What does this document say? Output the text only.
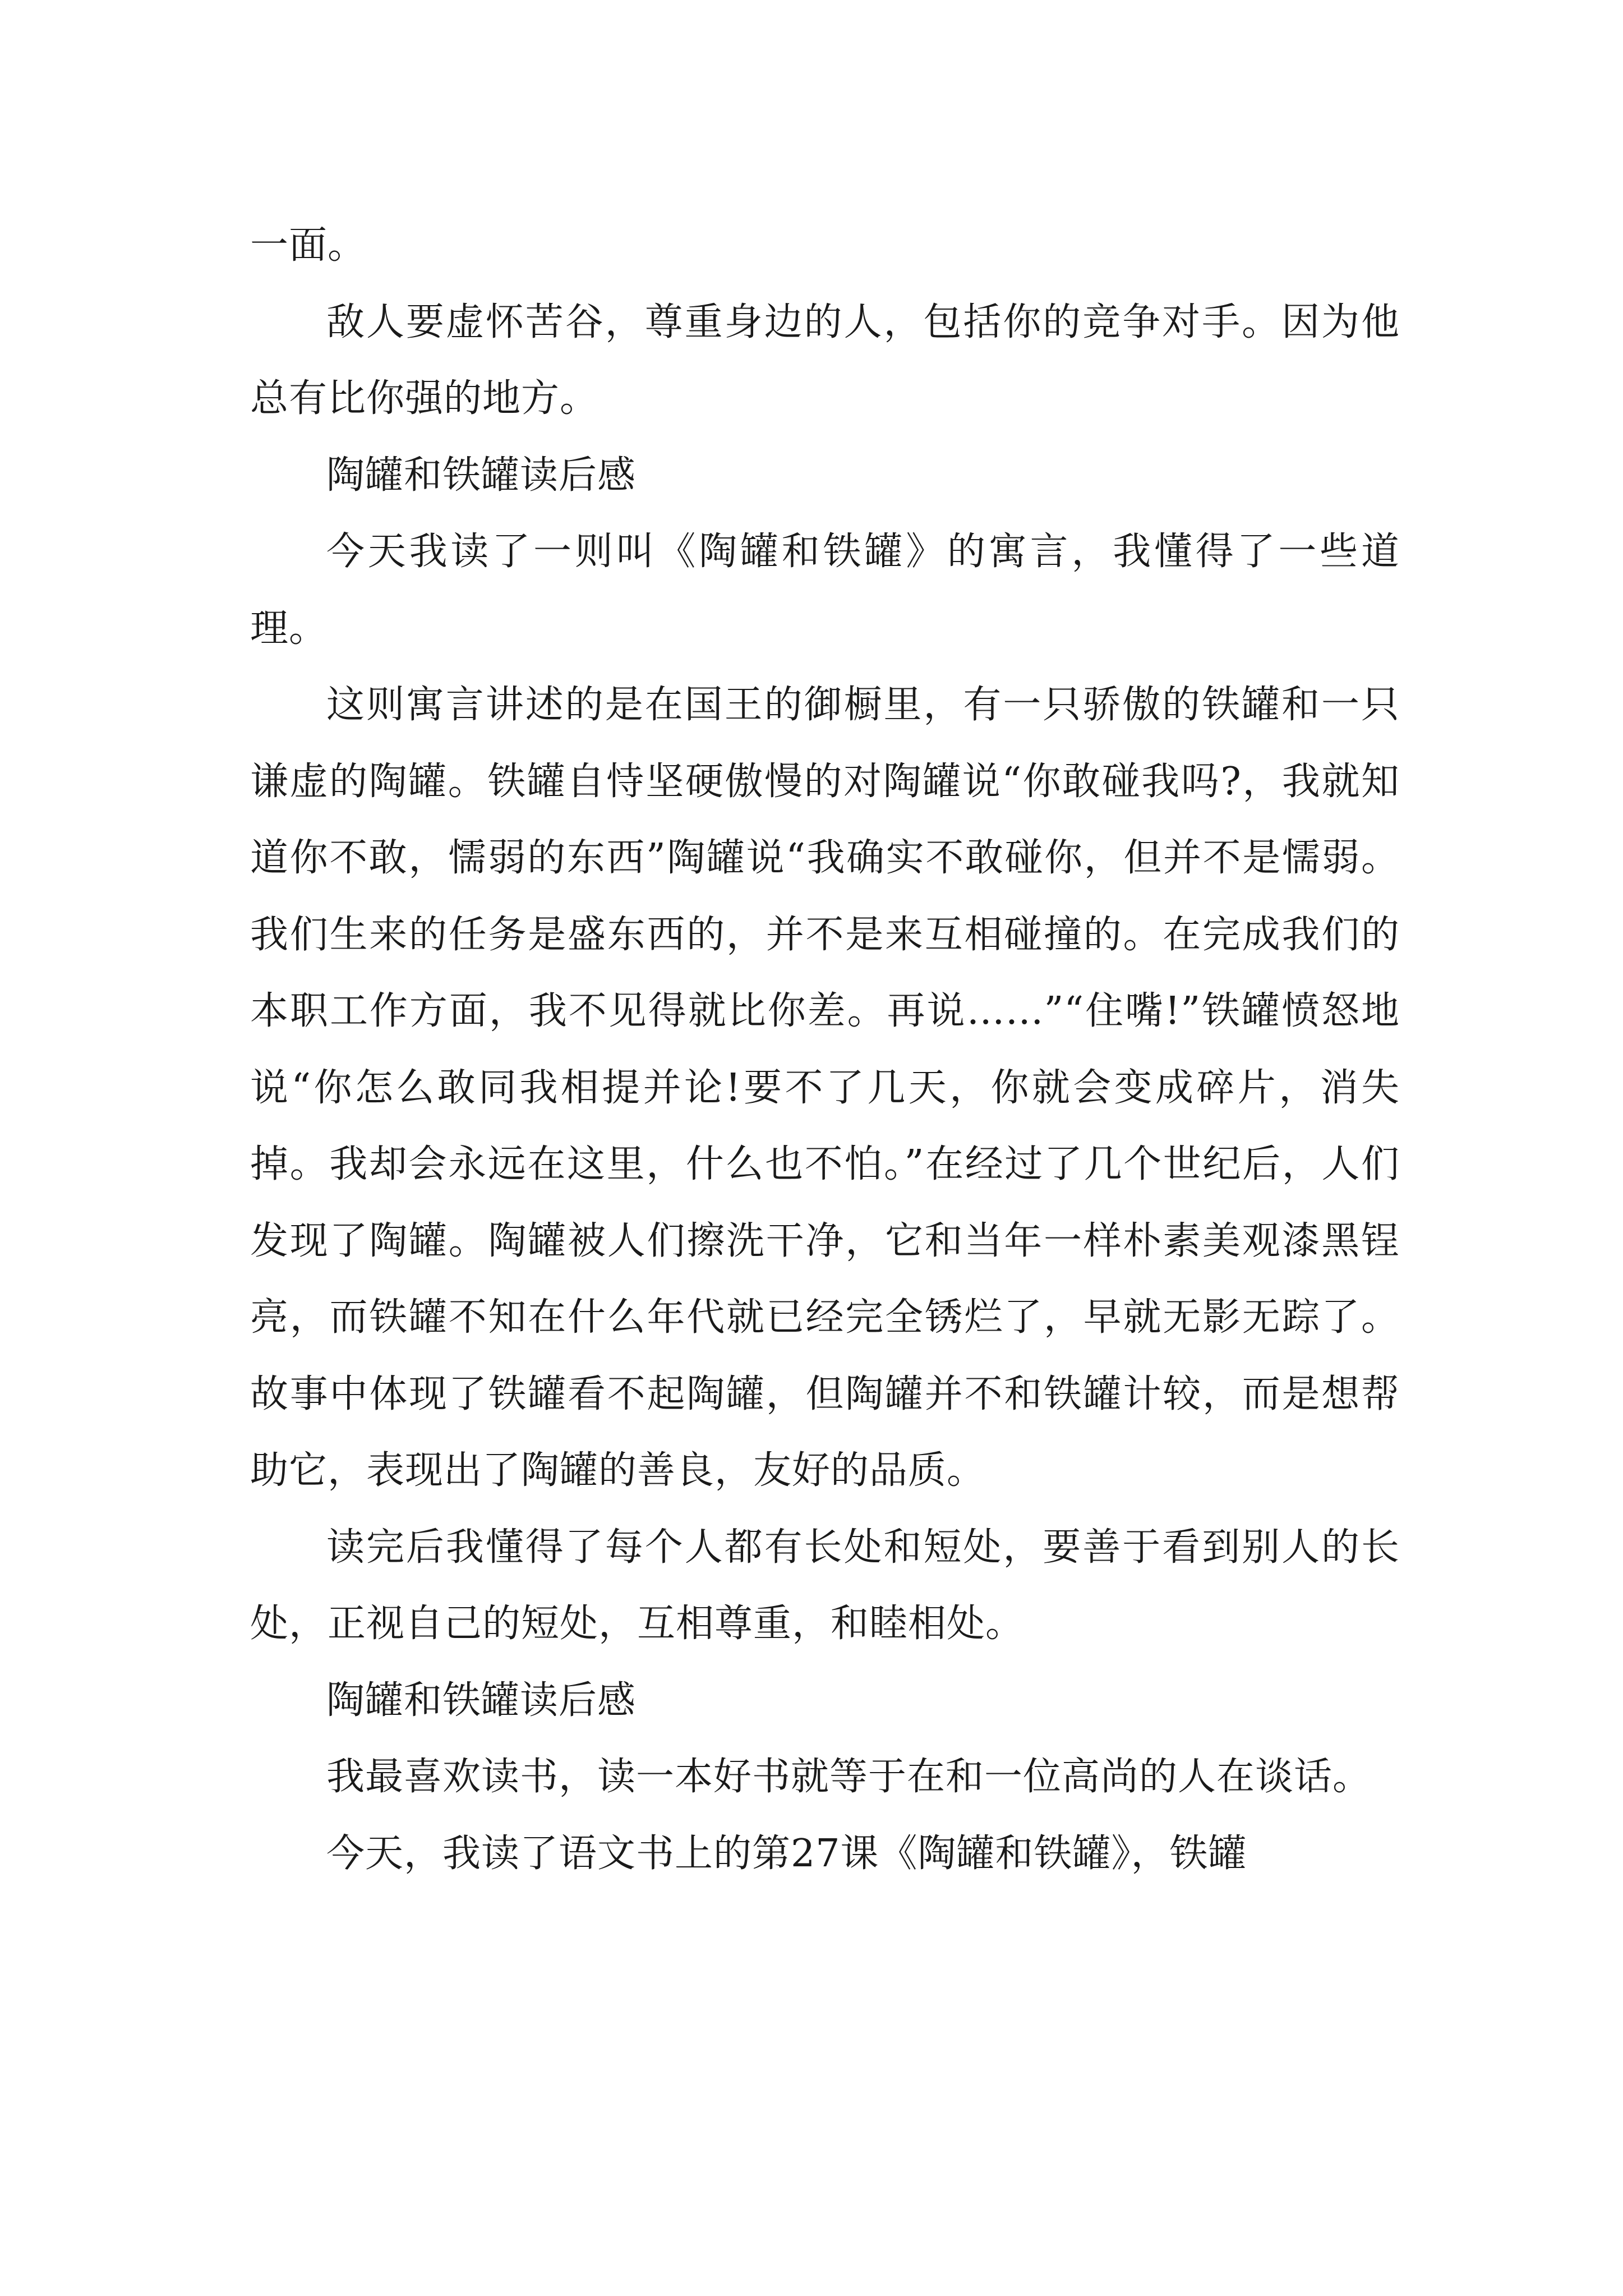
一面。

敌人要虚怀苦谷，尊重身边的人，包括你的竞争对手。因为他总有比你强的地方。

陶罐和铁罐读后感

今天我读了一则叫《陶罐和铁罐》的寓言，我懂得了一些道理。

这则寓言讲述的是在国王的御橱里，有一只骄傲的铁罐和一只谦虚的陶罐。铁罐自恃坚硬傲慢的对陶罐说“你敢碰我吗?，我就知道你不敢，懦弱的东西”陶罐说“我确实不敢碰你，但并不是懦弱。我们生来的任务是盛东西的，并不是来互相碰撞的。在完成我们的本职工作方面，我不见得就比你差。再说……”“住嘴!”铁罐愤怒地说“你怎么敢同我相提并论!要不了几天，你就会变成碎片，消失掉。我却会永远在这里，什么也不怕。”在经过了几个世纪后，人们发现了陶罐。陶罐被人们擦洗干净，它和当年一样朴素美观漆黑锃亮，而铁罐不知在什么年代就已经完全锈烂了，早就无影无踪了。故事中体现了铁罐看不起陶罐，但陶罐并不和铁罐计较，而是想帮助它，表现出了陶罐的善良，友好的品质。

读完后我懂得了每个人都有长处和短处，要善于看到别人的长处，正视自己的短处，互相尊重，和睦相处。

陶罐和铁罐读后感

我最喜欢读书，读一本好书就等于在和一位高尚的人在谈话。

今天，我读了语文书上的第27课《陶罐和铁罐》，铁罐
